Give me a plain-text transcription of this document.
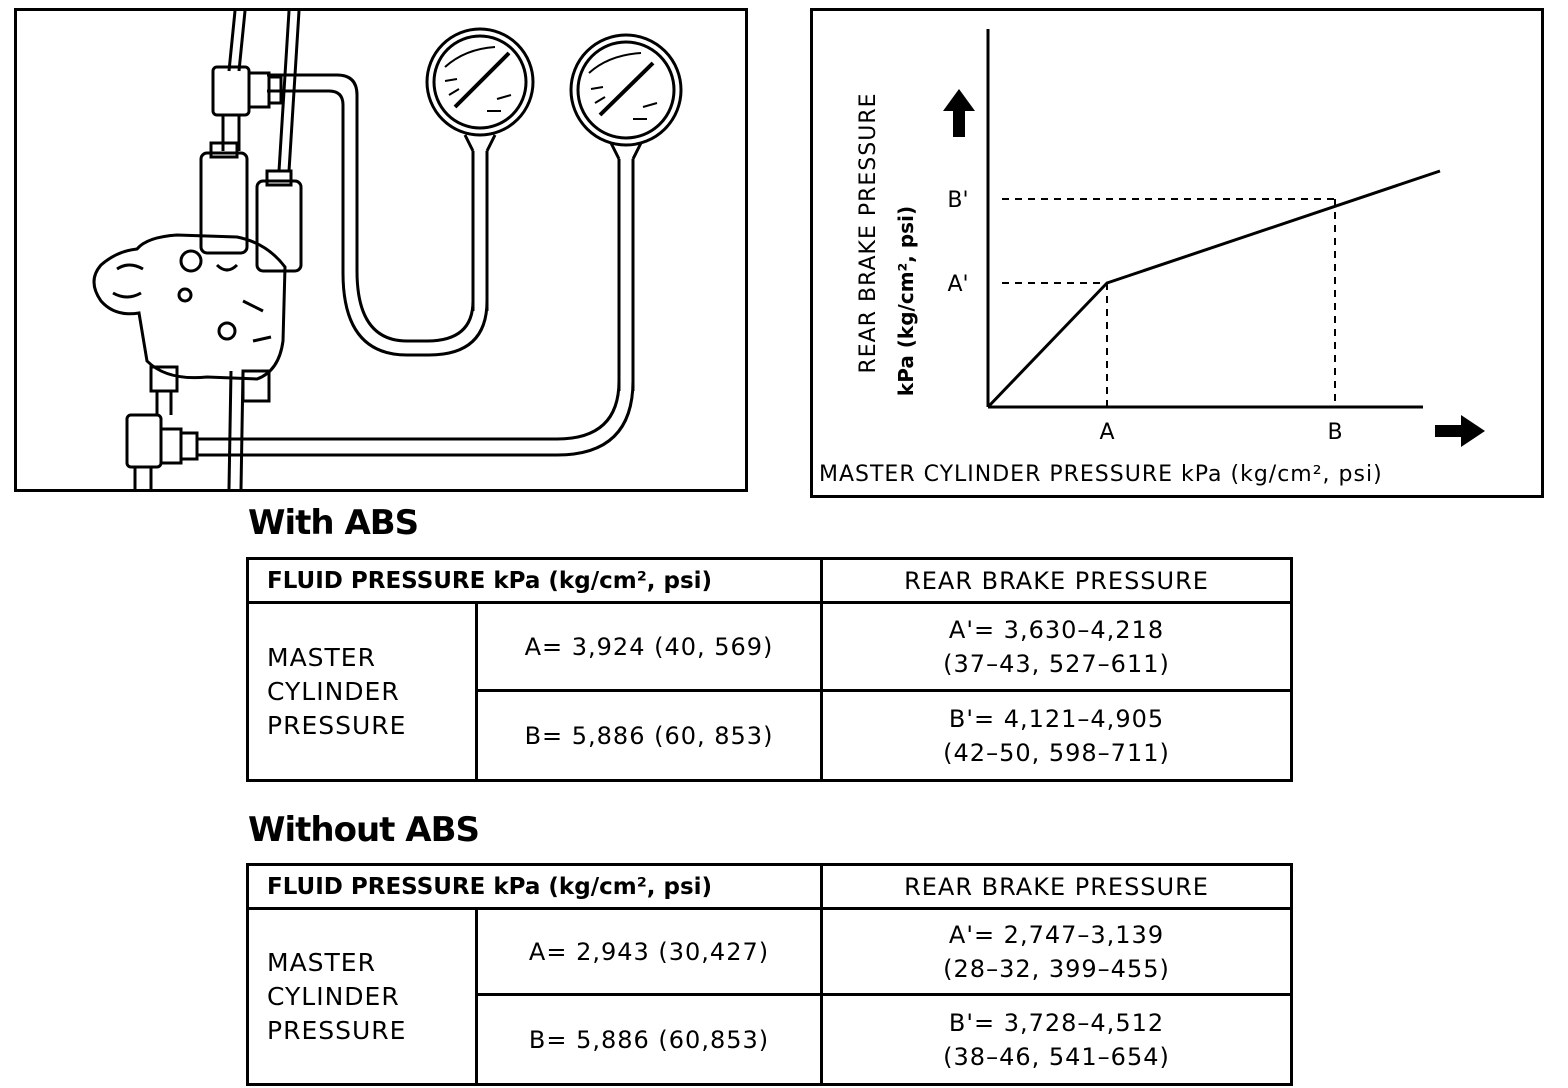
B'
A'
A	B
REAR BRAKE PRESSURE kPa (kg/cm², psi)
MASTER CYLINDER PRESSURE kPa (kg/cm², psi)
With ABS
FLUID PRESSURE kPa (kg/cm², psi)		REAR BRAKE PRESSURE

MASTER
CYLINDER
PRESSURE	A= 3,924 (40, 569)	A'= 3,630–4,218
(37–43, 527–611)

	B= 5,886 (60, 853)	B'= 4,121–4,905
(42–50, 598–711)
Without ABS
FLUID PRESSURE kPa (kg/cm², psi)		REAR BRAKE PRESSURE

MASTER
CYLINDER
PRESSURE	A= 2,943 (30,427)	A'= 2,747–3,139
(28–32, 399–455)

	B= 5,886 (60,853)	B'= 3,728–4,512
(38–46, 541–654)
